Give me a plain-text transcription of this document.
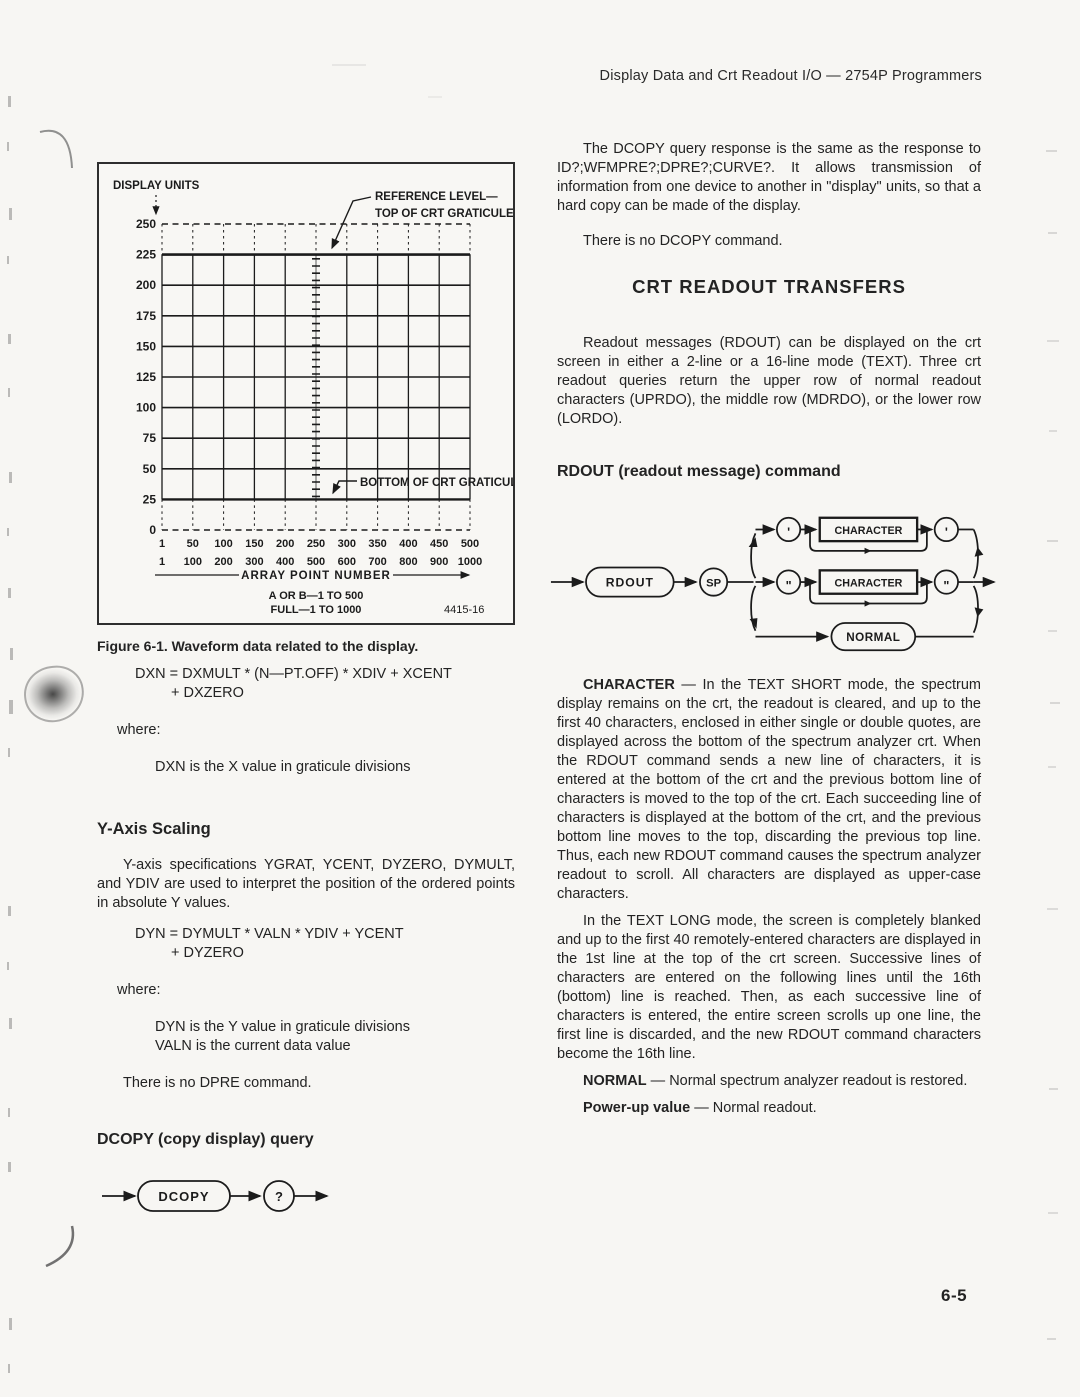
Display Data and Crt Readout I/O — 2754P Programmers
DISPLAY UNITS
REFERENCE LEVEL—
TOP OF CRT GRATICULE
BOTTOM OF CRT GRATICULE
250
225
200
175
150
125
100
75
50
25
0
1 50 100 150 200 250 300 350 400 450 500
1 100 200 300 400 500 600 700 800 900 1000
ARRAY POINT NUMBER
A OR B—1 TO 500
FULL—1 TO 1000	4415-16

Figure 6-1. Waveform data related to the display.

DXN = DXMULT * (N—PT.OFF) * XDIV + XCENT

+ DXZERO

where:

DXN is the X value in graticule divisions

Y-Axis Scaling

Y-axis specifications YGRAT, YCENT, DYZERO, DYMULT, and YDIV are used to interpret the position of the ordered points in absolute Y values.

DYN = DYMULT * VALN * YDIV + YCENT

+ DYZERO

where:

DYN is the Y value in graticule divisions

VALN is the current data value

There is no DPRE command.

DCOPY (copy display) query
DCOPY	?

The DCOPY query response is the same as the response to ID?;WFMPRE?;DPRE?;CURVE?. It allows transmission of information from one device to another in "display" units, so that a hard copy can be made of the display.

There is no DCOPY command.

CRT READOUT TRANSFERS

Readout messages (RDOUT) can be displayed on the crt screen in either a 2-line or a 16-line mode (TEXT). Three crt readout queries return the upper row of normal readout characters (UPRDO), the middle row (MDRDO), or the lower row (LORDO).

RDOUT (readout message) command
RDOUT	SP
'	'
CHARACTER
"	"
CHARACTER
NORMAL

CHARACTER — In the TEXT SHORT mode, the spectrum display remains on the crt, the readout is cleared, and up to the first 40 characters, enclosed in either single or double quotes, are displayed across the bottom of the spectrum analyzer crt. When the RDOUT command sends a new line of characters, it is entered at the bottom of the crt and the previous bottom line of characters is moved to the top of the crt. Each succeeding line of characters is displayed at the bottom of the crt, and the previous bottom line moves to the top, discarding the previous top line. Thus, each new RDOUT command causes the spectrum analyzer readout to scroll. All characters are displayed as upper-case characters.

In the TEXT LONG mode, the screen is completely blanked and up to the first 40 remotely-entered characters are displayed in the 1st line at the top of the crt screen. Successive lines of characters are entered on the following lines until the 16th (bottom) line is reached. Then, as each successive line of characters is entered, the entire screen scrolls up one line, the first line is discarded, and the new RDOUT command characters become the 16th line.

NORMAL — Normal spectrum analyzer readout is restored.

Power-up value — Normal readout.

6-5
